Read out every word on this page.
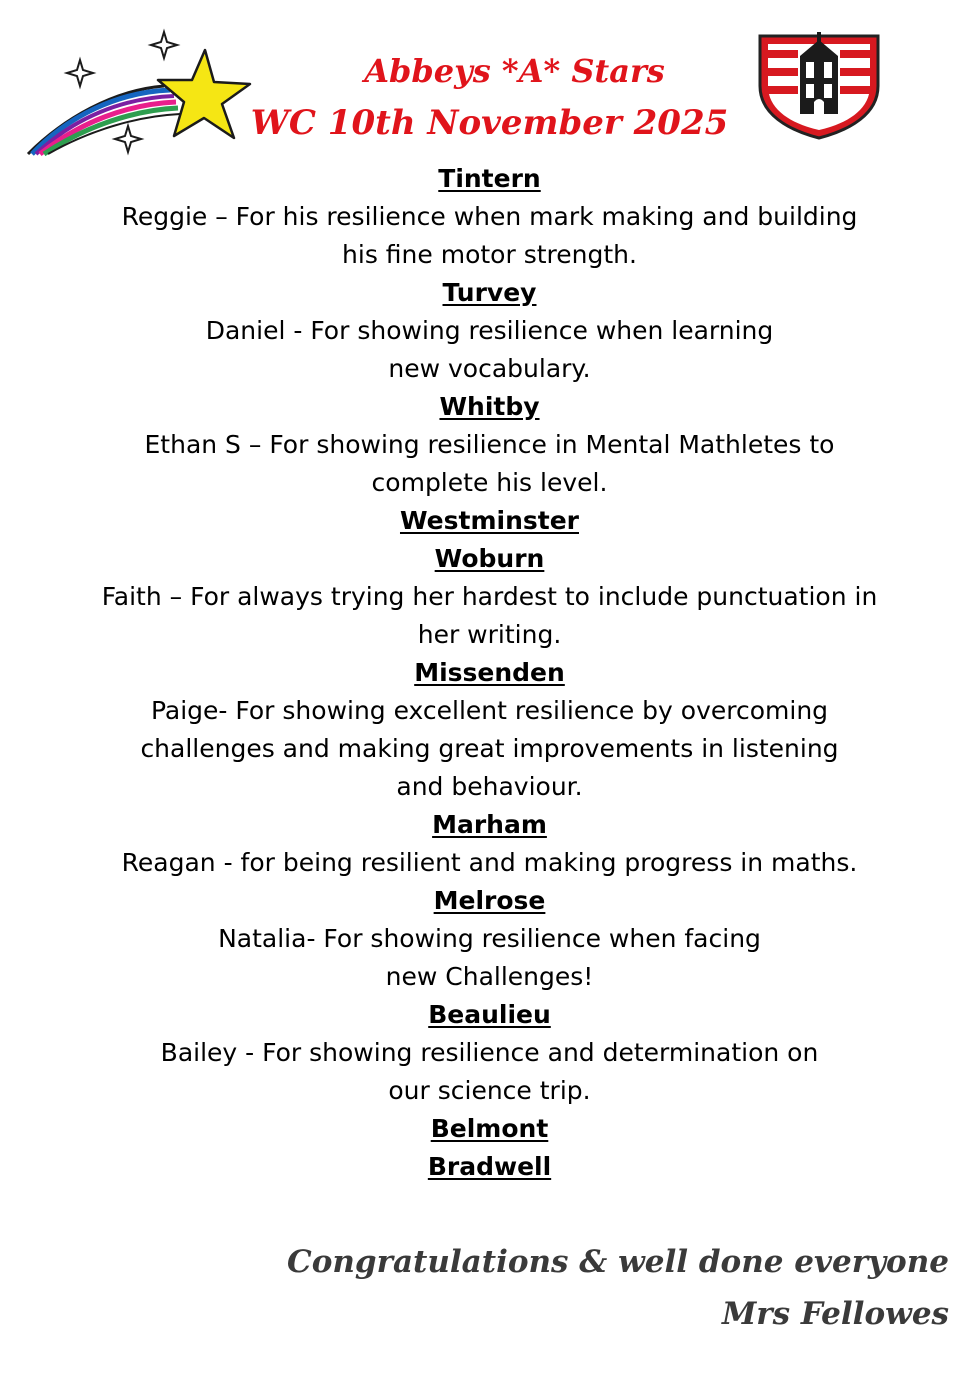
Abbeys *A* Stars
WC 10th November 2025
Tintern
Reggie – For his resilience when mark making and building
his fine motor strength.
Turvey
Daniel - For showing resilience when learning
new vocabulary.
Whitby
Ethan S – For showing resilience in Mental Mathletes to
complete his level.
Westminster
Woburn
Faith – For always trying her hardest to include punctuation in
her writing.
Missenden
Paige- For showing excellent resilience by overcoming
challenges and making great improvements in listening
and behaviour.
Marham
Reagan - for being resilient and making progress in maths.
Melrose
Natalia- For showing resilience when facing
new Challenges!
Beaulieu
Bailey - For showing resilience and determination on
our science trip.
Belmont
Bradwell
Congratulations & well done everyone
Mrs Fellowes
